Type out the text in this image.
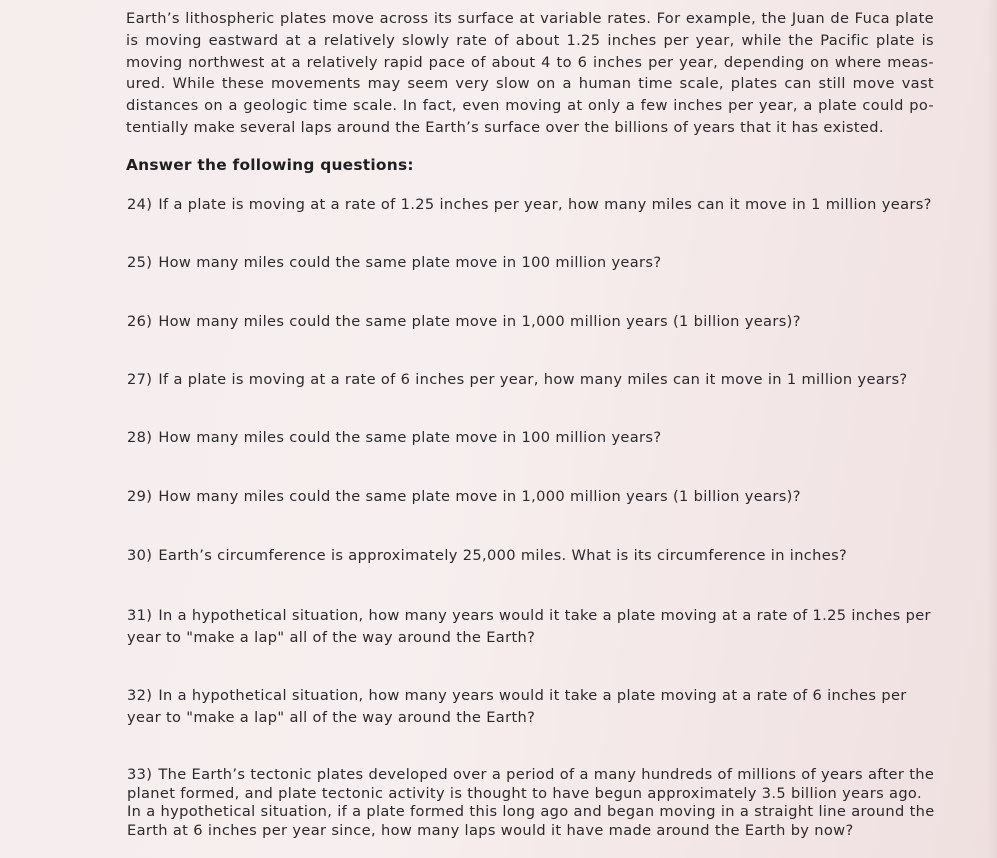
Earth’s lithospheric plates move across its surface at variable rates. For example, the Juan de Fuca plate is moving eastward at a relatively slowly rate of about 1.25 inches per year, while the Pacific plate is moving northwest at a relatively rapid pace of about 4 to 6 inches per year, depending on where meas-ured. While these movements may seem very slow on a human time scale, plates can still move vast distances on a geologic time scale. In fact, even moving at only a few inches per year, a plate could po-tentially make several laps around the Earth’s surface over the billions of years that it has existed.

Answer the following questions:

24) If a plate is moving at a rate of 1.25 inches per year, how many miles can it move in 1 million years?

25) How many miles could the same plate move in 100 million years?

26) How many miles could the same plate move in 1,000 million years (1 billion years)?

27) If a plate is moving at a rate of 6 inches per year, how many miles can it move in 1 million years?

28) How many miles could the same plate move in 100 million years?

29) How many miles could the same plate move in 1,000 million years (1 billion years)?

30) Earth’s circumference is approximately 25,000 miles. What is its circumference in inches?

31) In a hypothetical situation, how many years would it take a plate moving at a rate of 1.25 inches per year to "make a lap" all of the way around the Earth?

32) In a hypothetical situation, how many years would it take a plate moving at a rate of 6 inches per year to "make a lap" all of the way around the Earth?

33) The Earth’s tectonic plates developed over a period of a many hundreds of millions of years after the planet formed, and plate tectonic activity is thought to have begun approximately 3.5 billion years ago. In a hypothetical situation, if a plate formed this long ago and began moving in a straight line around the Earth at 6 inches per year since, how many laps would it have made around the Earth by now?
